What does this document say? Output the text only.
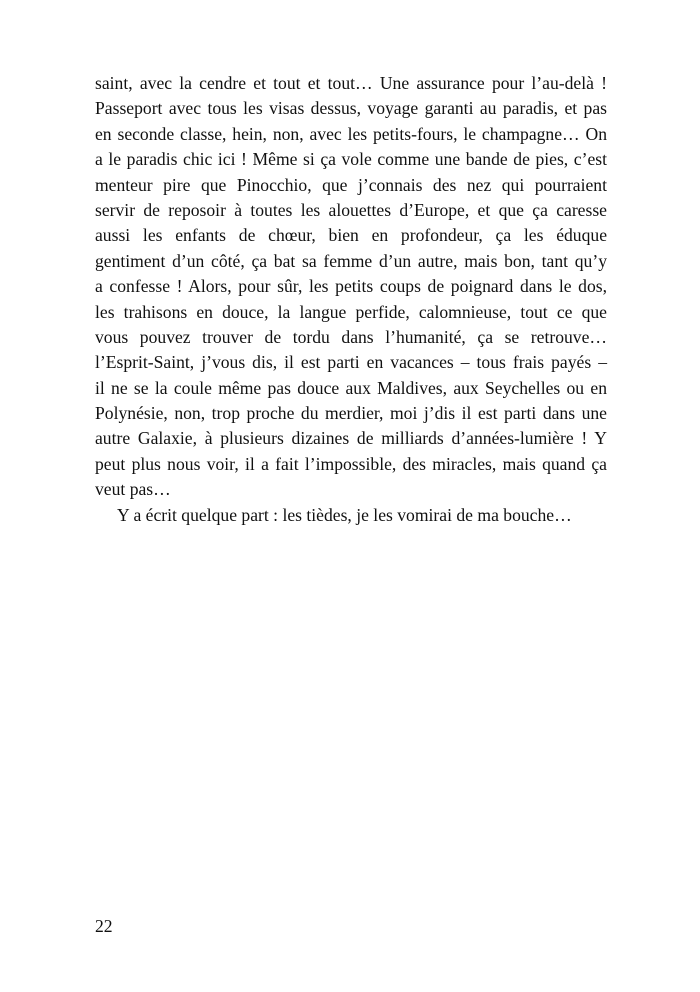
saint, avec la cendre et tout et tout… Une assurance pour l’au-delà !
Passeport avec tous les visas dessus, voyage garanti au paradis, et pas
en seconde classe, hein, non, avec les petits-fours, le champagne… On
a le paradis chic ici ! Même si ça vole comme une bande de pies, c’est
menteur pire que Pinocchio, que j’connais des nez qui pourraient
servir de reposoir à toutes les alouettes d’Europe, et que ça caresse
aussi les enfants de chœur, bien en profondeur, ça les éduque
gentiment d’un côté, ça bat sa femme d’un autre, mais bon, tant qu’y
a confesse ! Alors, pour sûr, les petits coups de poignard dans le dos,
les trahisons en douce, la langue perfide, calomnieuse, tout ce que
vous pouvez trouver de tordu dans l’humanité, ça se retrouve…
l’Esprit-Saint, j’vous dis, il est parti en vacances – tous frais payés –
il ne se la coule même pas douce aux Maldives, aux Seychelles ou en
Polynésie, non, trop proche du merdier, moi j’dis il est parti dans une
autre Galaxie, à plusieurs dizaines de milliards d’années-lumière ! Y
peut plus nous voir, il a fait l’impossible, des miracles, mais quand ça
veut pas…
Y a écrit quelque part : les tièdes, je les vomirai de ma bouche…
22
